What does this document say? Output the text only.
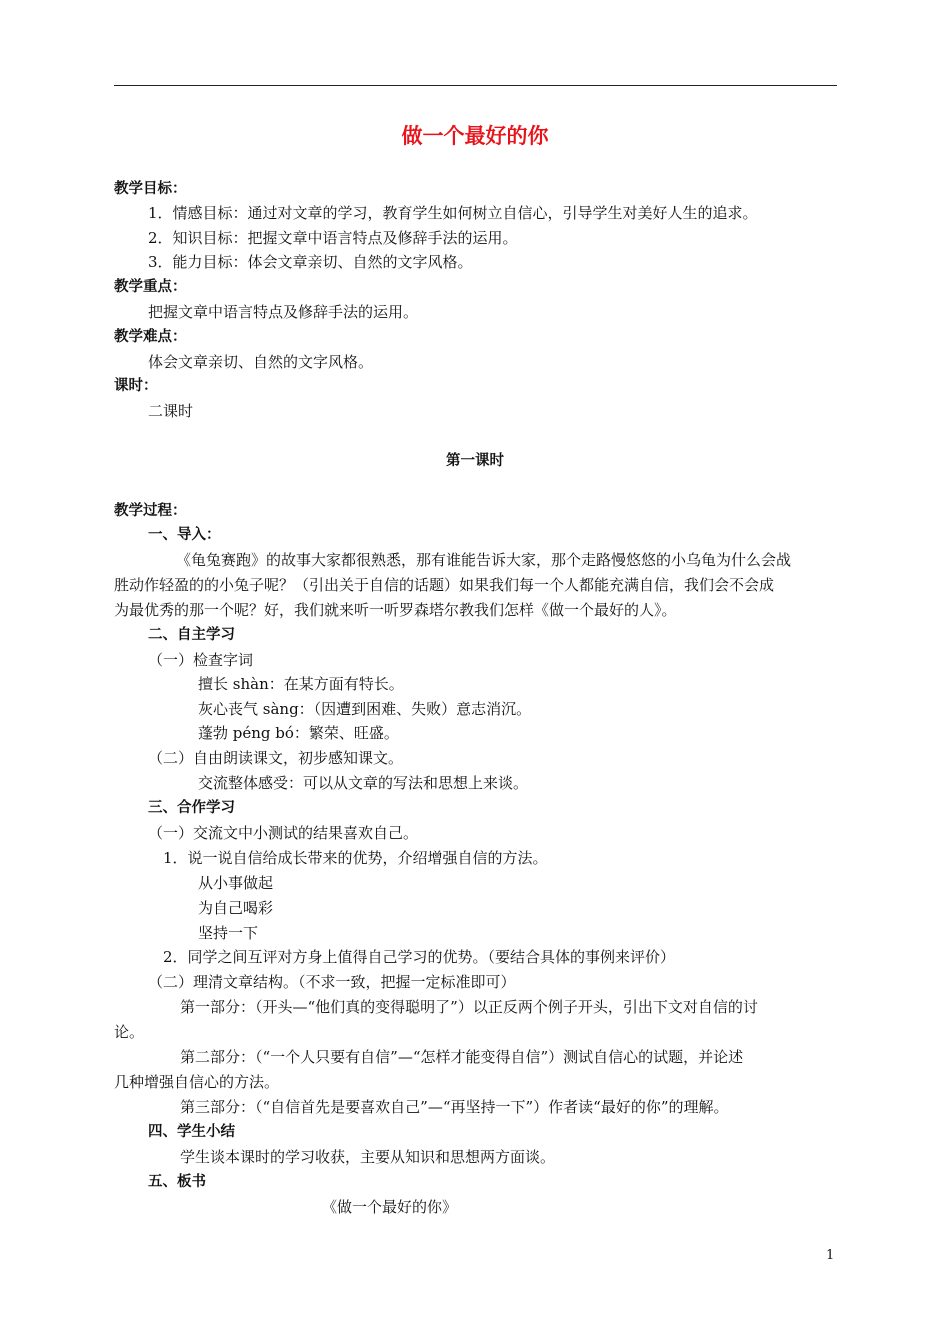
做一个最好的你

教学目标：

1．情感目标：通过对文章的学习，教育学生如何树立自信心，引导学生对美好人生的追求。

2．知识目标：把握文章中语言特点及修辞手法的运用。

3．能力目标：体会文章亲切、自然的文字风格。

教学重点：

把握文章中语言特点及修辞手法的运用。

教学难点：

体会文章亲切、自然的文字风格。

课时：

二课时

第一课时

教学过程：

一、导入：

《龟兔赛跑》的故事大家都很熟悉，那有谁能告诉大家，那个走路慢悠悠的小乌龟为什么会战

胜动作轻盈的的小兔子呢？（引出关于自信的话题）如果我们每一个人都能充满自信，我们会不会成

为最优秀的那一个呢？好，我们就来听一听罗森塔尔教我们怎样《做一个最好的人》。

二、自主学习

（一）检查字词

擅长 shàn：在某方面有特长。

灰心丧气 sàng：（因遭到困难、失败）意志消沉。

蓬勃 péng bó：繁荣、旺盛。

（二）自由朗读课文，初步感知课文。

交流整体感受：可以从文章的写法和思想上来谈。

三、合作学习

（一）交流文中小测试的结果喜欢自己。

1．说一说自信给成长带来的优势，介绍增强自信的方法。

从小事做起

为自己喝彩

坚持一下

2．同学之间互评对方身上值得自己学习的优势。（要结合具体的事例来评价）

（二）理清文章结构。（不求一致，把握一定标准即可）

第一部分：（开头—“他们真的变得聪明了”）以正反两个例子开头，引出下文对自信的讨

论。

第二部分：（“一个人只要有自信”—“怎样才能变得自信”）测试自信心的试题，并论述

几种增强自信心的方法。

第三部分：（“自信首先是要喜欢自己”—“再坚持一下”）作者读“最好的你”的理解。

四、学生小结

学生谈本课时的学习收获，主要从知识和思想两方面谈。

五、板书

《做一个最好的你》

1
